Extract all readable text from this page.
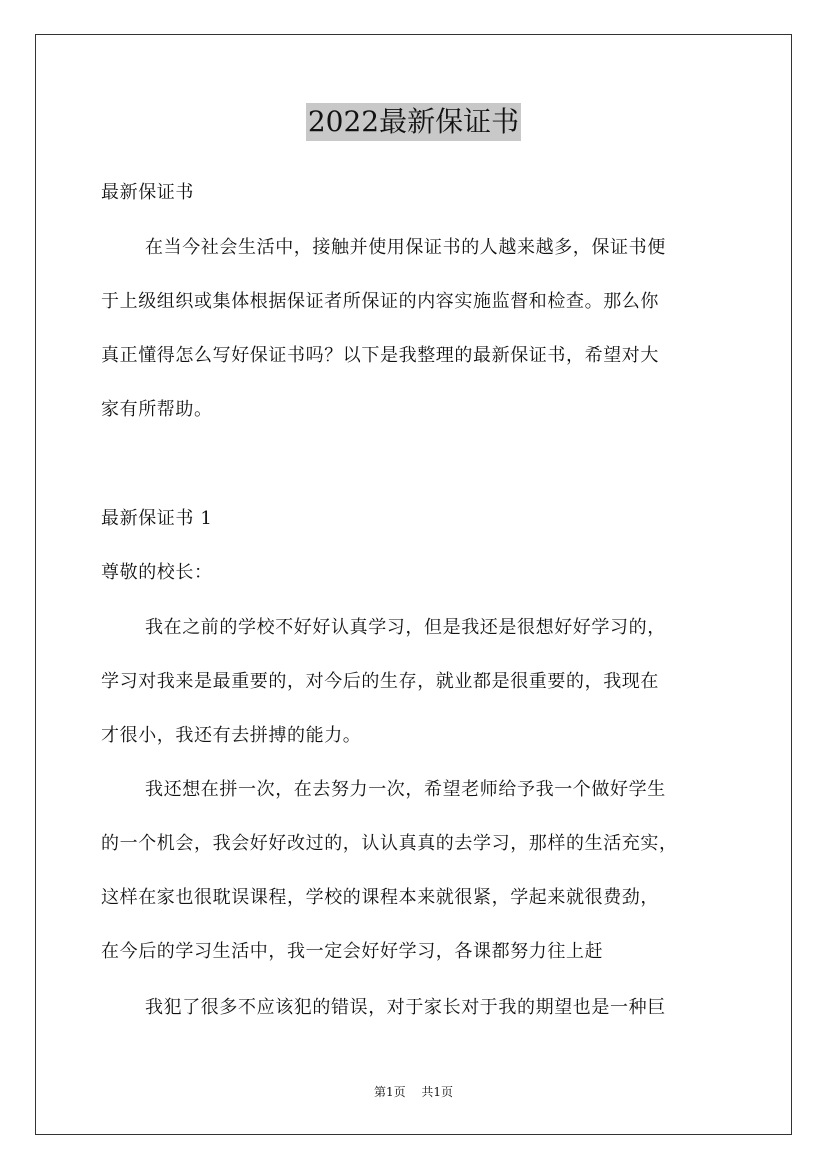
2022最新保证书
最新保证书
在当今社会生活中，接触并使用保证书的人越来越多，保证书便
于上级组织或集体根据保证者所保证的内容实施监督和检查。那么你
真正懂得怎么写好保证书吗？以下是我整理的最新保证书，希望对大
家有所帮助。
最新保证书 1
尊敬的校长：
我在之前的学校不好好认真学习，但是我还是很想好好学习的，
学习对我来是最重要的，对今后的生存，就业都是很重要的，我现在
才很小，我还有去拼搏的能力。
我还想在拼一次，在去努力一次，希望老师给予我一个做好学生
的一个机会，我会好好改过的，认认真真的去学习，那样的生活充实，
这样在家也很耽误课程，学校的课程本来就很紧，学起来就很费劲，
在今后的学习生活中，我一定会好好学习，各课都努力往上赶
我犯了很多不应该犯的错误，对于家长对于我的期望也是一种巨
第1页 共1页
